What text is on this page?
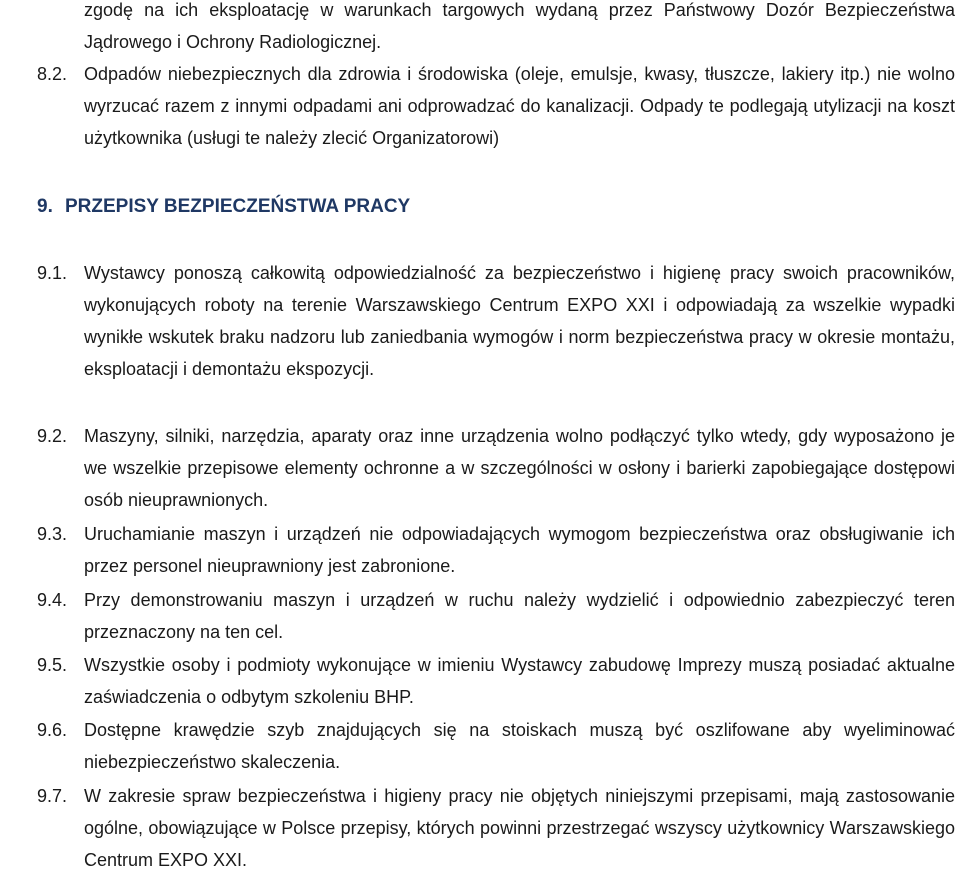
zgodę na ich eksploatację w warunkach targowych wydaną przez Państwowy Dozór Bezpieczeństwa Jądrowego i Ochrony Radiologicznej.
8.2. Odpadów niebezpiecznych dla zdrowia i środowiska (oleje, emulsje, kwasy, tłuszcze, lakiery itp.) nie wolno wyrzucać razem z innymi odpadami ani odprowadzać do kanalizacji. Odpady te podlegają utylizacji na koszt użytkownika (usługi te należy zlecić Organizatorowi)
9. PRZEPISY BEZPIECZEŃSTWA PRACY
9.1. Wystawcy ponoszą całkowitą odpowiedzialność za bezpieczeństwo i higienę pracy swoich pracowników, wykonujących roboty na terenie Warszawskiego Centrum EXPO XXI i odpowiadają za wszelkie wypadki wynikłe wskutek braku nadzoru lub zaniedbania wymogów i norm bezpieczeństwa pracy w okresie montażu, eksploatacji i demontażu ekspozycji.
9.2. Maszyny, silniki, narzędzia, aparaty oraz inne urządzenia wolno podłączyć tylko wtedy, gdy wyposażono je we wszelkie przepisowe elementy ochronne a w szczególności w osłony i barierki zapobiegające dostępowi osób nieuprawnionych.
9.3. Uruchamianie maszyn i urządzeń nie odpowiadających wymogom bezpieczeństwa oraz obsługiwanie ich przez personel nieuprawniony jest zabronione.
9.4. Przy demonstrowaniu maszyn i urządzeń w ruchu należy wydzielić i odpowiednio zabezpieczyć teren przeznaczony na ten cel.
9.5. Wszystkie osoby i podmioty wykonujące w imieniu Wystawcy zabudowę Imprezy muszą posiadać aktualne zaświadczenia o odbytym szkoleniu BHP.
9.6. Dostępne krawędzie szyb znajdujących się na stoiskach muszą być oszlifowane aby wyeliminować niebezpieczeństwo skaleczenia.
9.7. W zakresie spraw bezpieczeństwa i higieny pracy nie objętych niniejszymi przepisami, mają zastosowanie ogólne, obowiązujące w Polsce przepisy, których powinni przestrzegać wszyscy użytkownicy Warszawskiego Centrum EXPO XXI.
